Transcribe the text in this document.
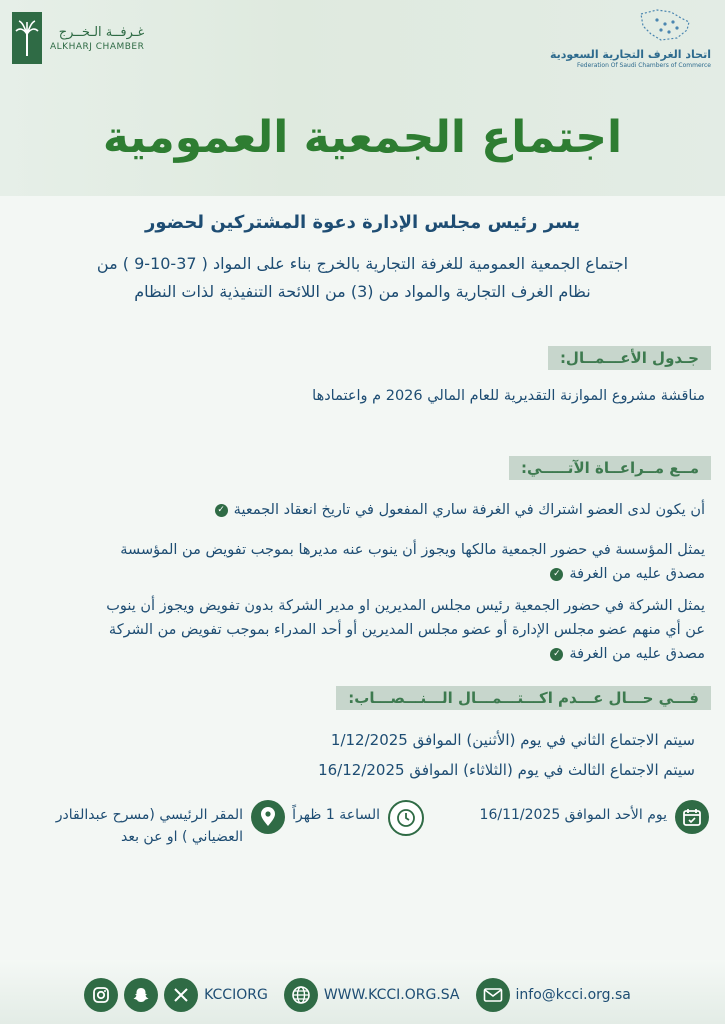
غـرفــة الـخــرج
ALKHARJ CHAMBER
اتحاد الغرف التجارية السعودية
Federation Of Saudi Chambers of Commerce
اجتماع الجمعية العمومية
يسر رئيس مجلس الإدارة دعوة المشتركين لحضور
اجتماع الجمعية العمومية للغرفة التجارية بالخرج بناء على المواد ( 37-10-9 ) من
نظام الغرف التجارية والمواد من (3) من اللائحة التنفيذية لذات النظام
جـدول الأعـــمــال:
مناقشة مشروع الموازنة التقديرية للعام المالي 2026 م واعتمادها
مــع مــراعــاة الآتـــــي:
أن يكون لدى العضو اشتراك في الغرفة ساري المفعول في تاريخ انعقاد الجمعية✓
يمثل المؤسسة في حضور الجمعية مالكها ويجوز أن ينوب عنه مديرها بموجب تفويض من المؤسسة
مصدق عليه من الغرفة✓
يمثل الشركة في حضور الجمعية رئيس مجلس المديرين او مدير الشركة بدون تفويض ويجوز أن ينوب
عن أي منهم عضو مجلس الإدارة أو عضو مجلس المديرين أو أحد المدراء بموجب تفويض من الشركة
مصدق عليه من الغرفة✓
فـــي حـــال عـــدم اكـــتـــمـــال الـــنـــصـــاب:
سيتم الاجتماع الثاني في يوم (الأثنين) الموافق 1/12/2025
سيتم الاجتماع الثالث في يوم (الثلاثاء) الموافق 16/12/2025
يوم الأحد الموافق 16/11/2025
الساعة 1 ظهراً
المقر الرئيسي (مسرح عبدالقادر
العضياني ) او عن بعد
KCCIORG	WWW.KCCI.ORG.SA	info@kcci.org.sa
